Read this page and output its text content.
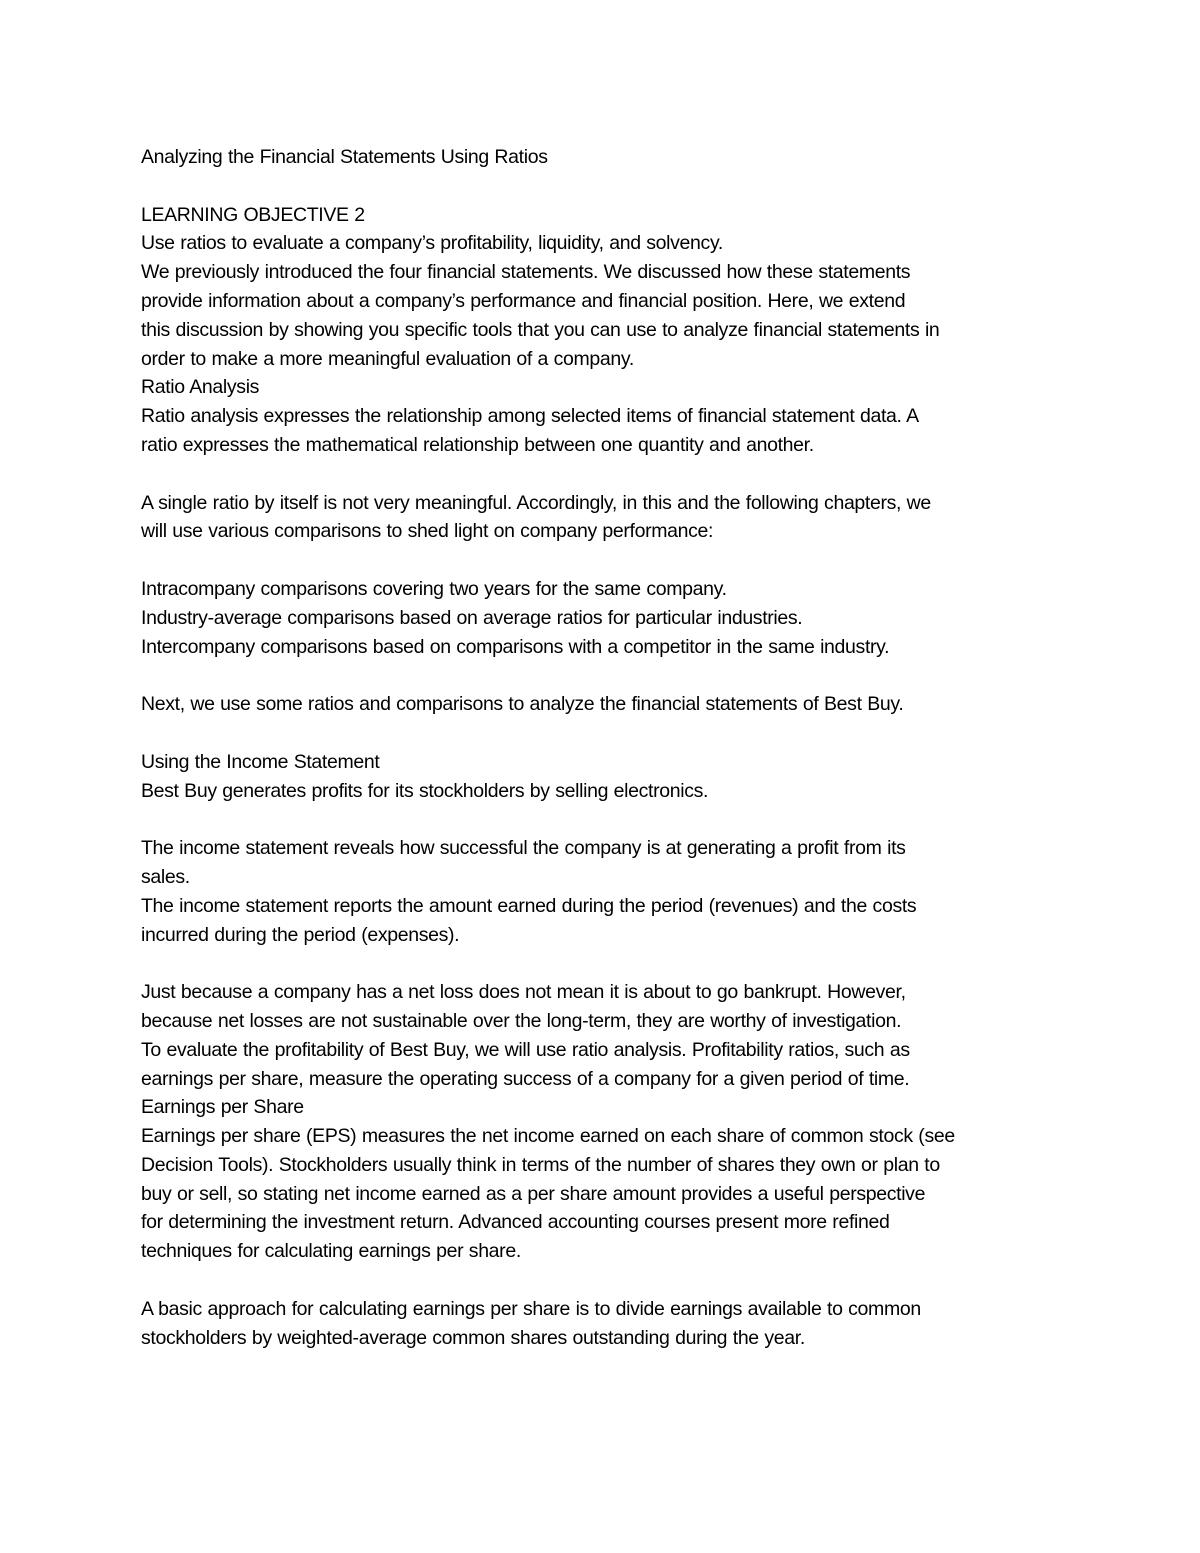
Analyzing the Financial Statements Using Ratios
LEARNING OBJECTIVE 2
Use ratios to evaluate a company’s profitability, liquidity, and solvency.
We previously introduced the four financial statements. We discussed how these statements
provide information about a company’s performance and financial position. Here, we extend
this discussion by showing you specific tools that you can use to analyze financial statements in
order to make a more meaningful evaluation of a company.
Ratio Analysis
Ratio analysis expresses the relationship among selected items of financial statement data. A
ratio expresses the mathematical relationship between one quantity and another.
A single ratio by itself is not very meaningful. Accordingly, in this and the following chapters, we
will use various comparisons to shed light on company performance:
Intracompany comparisons covering two years for the same company.
Industry-average comparisons based on average ratios for particular industries.
Intercompany comparisons based on comparisons with a competitor in the same industry.
Next, we use some ratios and comparisons to analyze the financial statements of Best Buy.
Using the Income Statement
Best Buy generates profits for its stockholders by selling electronics.
The income statement reveals how successful the company is at generating a profit from its
sales.
The income statement reports the amount earned during the period (revenues) and the costs
incurred during the period (expenses).
Just because a company has a net loss does not mean it is about to go bankrupt. However,
because net losses are not sustainable over the long-term, they are worthy of investigation.
To evaluate the profitability of Best Buy, we will use ratio analysis. Profitability ratios, such as
earnings per share, measure the operating success of a company for a given period of time.
Earnings per Share
Earnings per share (EPS) measures the net income earned on each share of common stock (see
Decision Tools). Stockholders usually think in terms of the number of shares they own or plan to
buy or sell, so stating net income earned as a per share amount provides a useful perspective
for determining the investment return. Advanced accounting courses present more refined
techniques for calculating earnings per share.
A basic approach for calculating earnings per share is to divide earnings available to common
stockholders by weighted-average common shares outstanding during the year.
